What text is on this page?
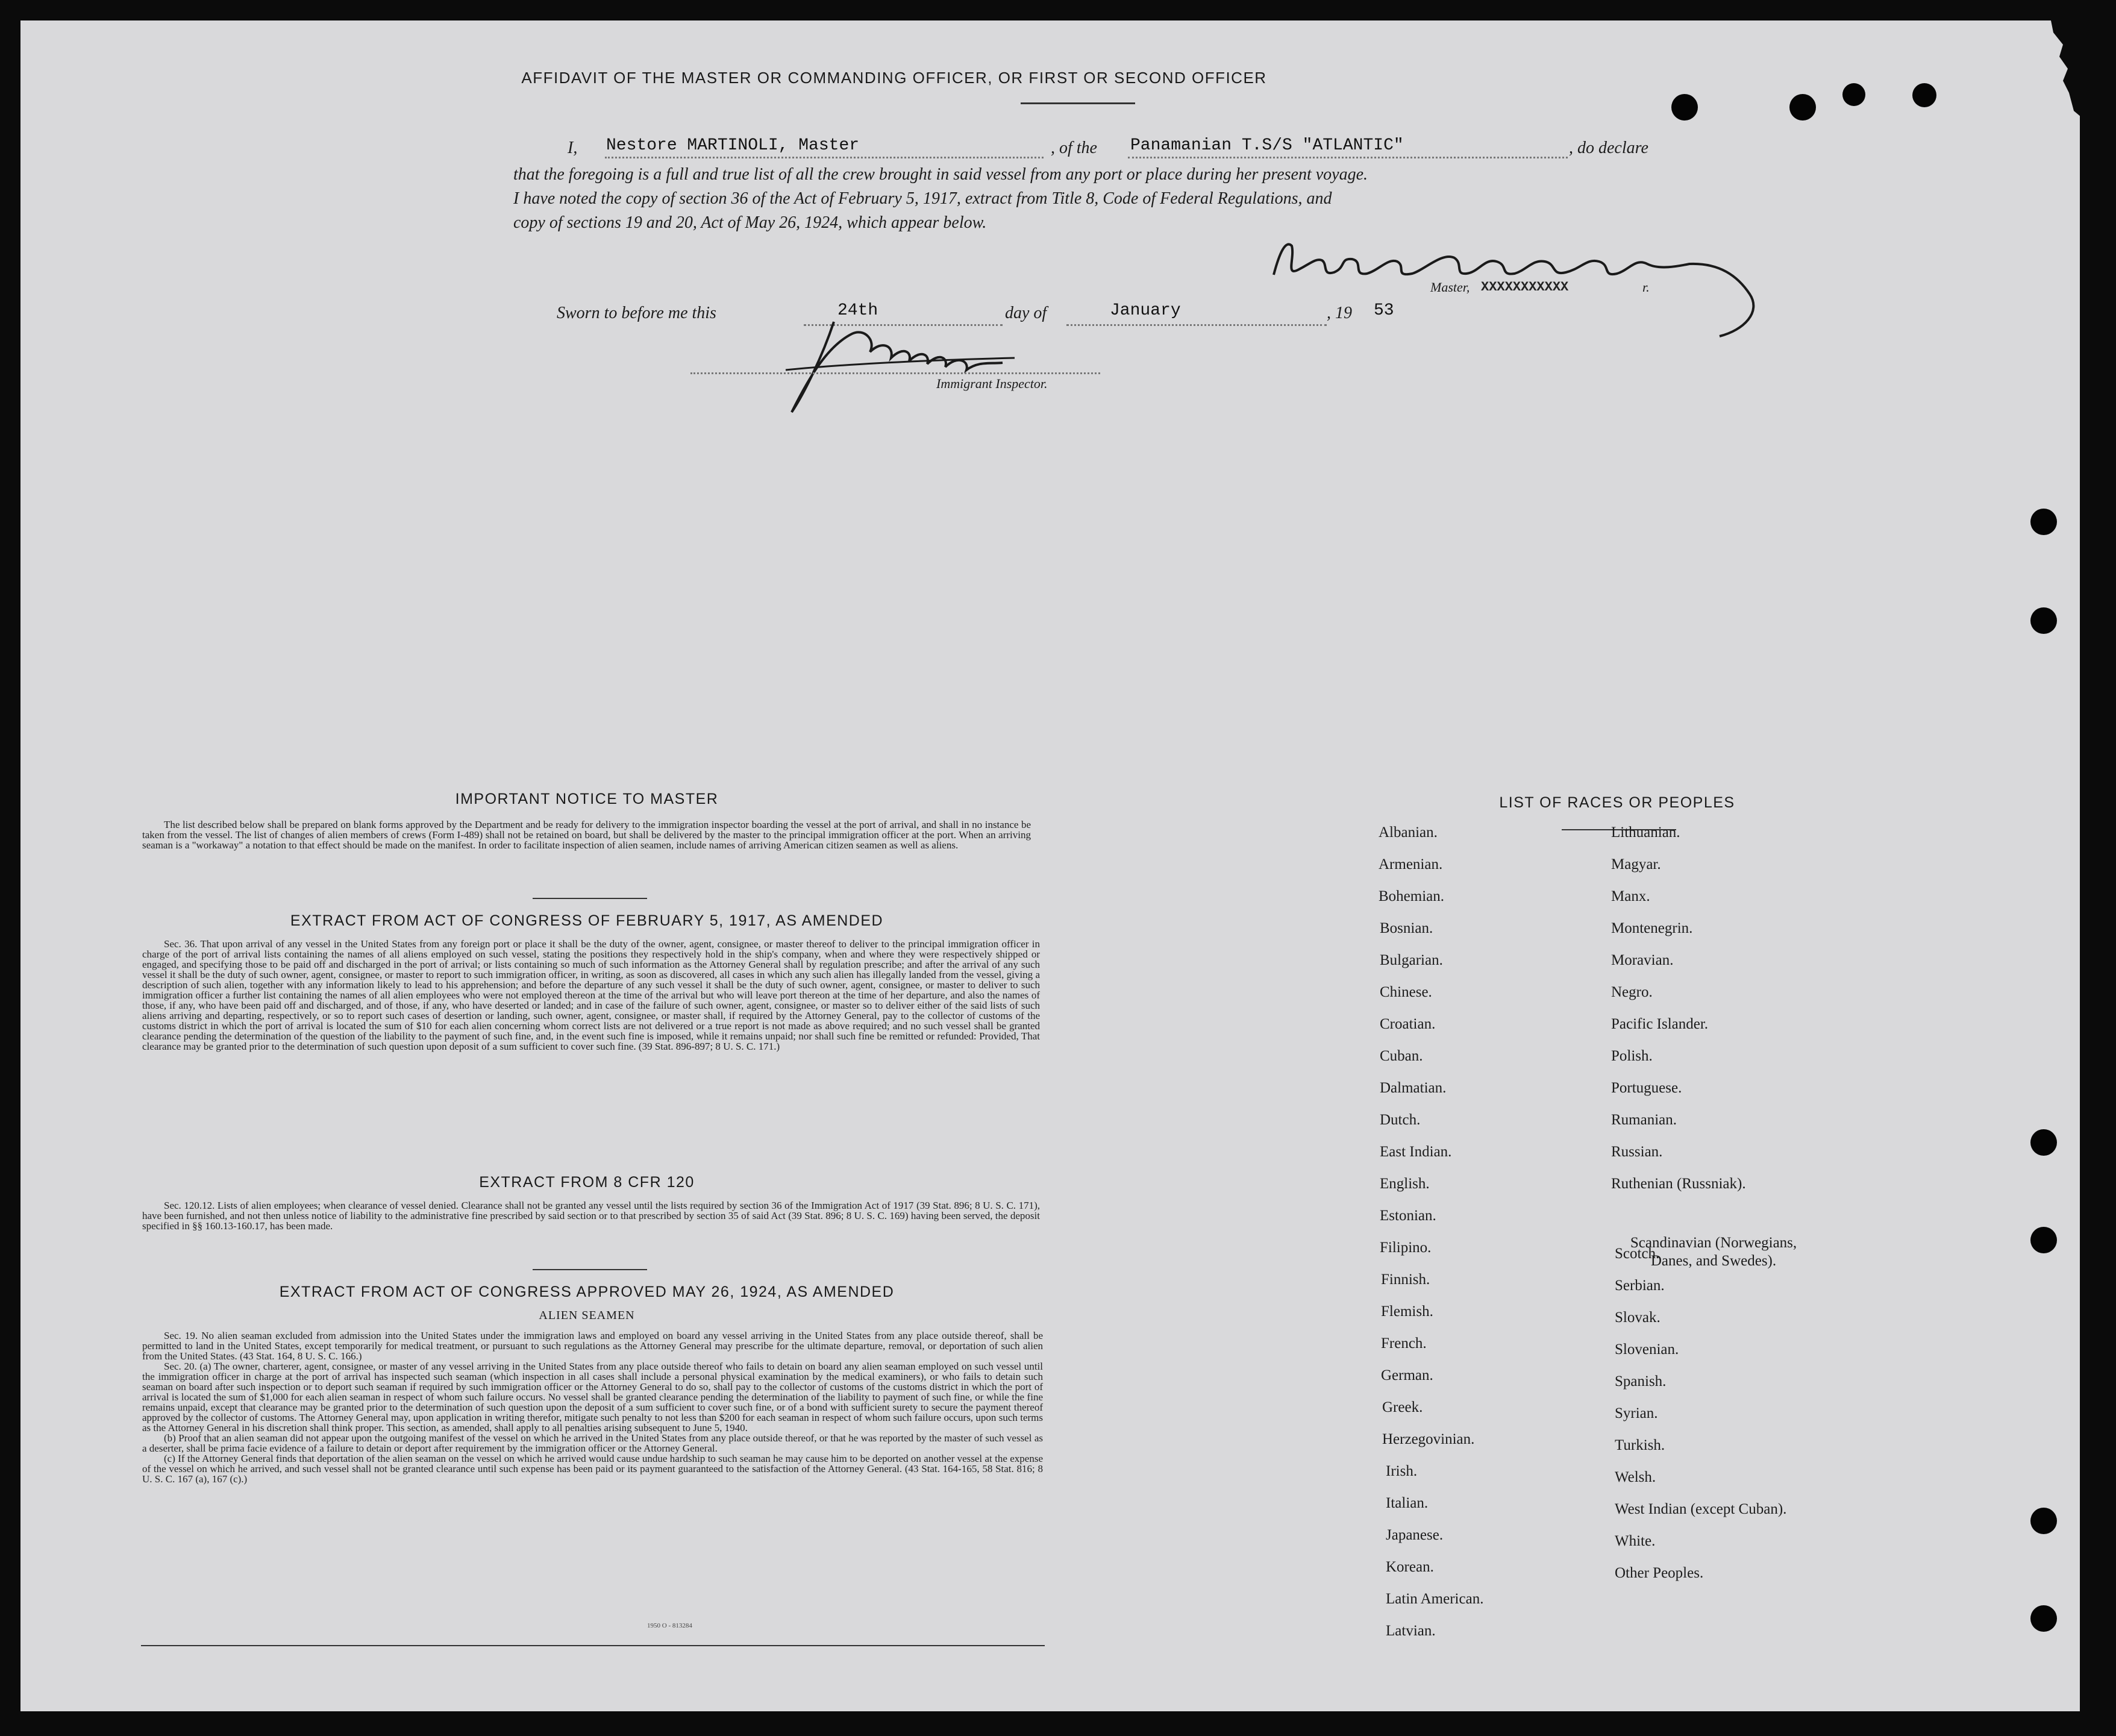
AFFIDAVIT OF THE MASTER OR COMMANDING OFFICER, OR FIRST OR SECOND OFFICER
I, Nestore MARTINOLI, Master	, of the Panamanian T.S/S "ATLANTIC"	, do declare
that the foregoing is a full and true list of all the crew brought in said vessel from any port or place during her present voyage.
I have noted the copy of section 36 of the Act of February 5, 1917, extract from Title 8, Code of Federal Regulations, and
copy of sections 19 and 20, Act of May 26, 1924, which appear below.
Master, XXXXXXXXXXX	r.
Sworn to before me this	24th	day of	January	, 19 53
Immigrant Inspector.
IMPORTANT NOTICE TO MASTER

The list described below shall be prepared on blank forms approved by the Department and be ready for delivery to the immigration inspector boarding the vessel at the port of arrival, and shall in no instance be taken from the vessel. The list of changes of alien members of crews (Form I-489) shall not be retained on board, but shall be delivered by the master to the principal immigration officer at the port. When an arriving seaman is a "workaway" a notation to that effect should be made on the manifest. In order to facilitate inspection of alien seamen, include names of arriving American citizen seamen as well as aliens.

EXTRACT FROM ACT OF CONGRESS OF FEBRUARY 5, 1917, AS AMENDED

Sec. 36. That upon arrival of any vessel in the United States from any foreign port or place it shall be the duty of the owner, agent, consignee, or master thereof to deliver to the principal immigration officer in charge of the port of arrival lists containing the names of all aliens employed on such vessel, stating the positions they respectively hold in the ship's company, when and where they were respectively shipped or engaged, and specifying those to be paid off and discharged in the port of arrival; or lists containing so much of such information as the Attorney General shall by regulation prescribe; and after the arrival of any such vessel it shall be the duty of such owner, agent, consignee, or master to report to such immigration officer, in writing, as soon as discovered, all cases in which any such alien has illegally landed from the vessel, giving a description of such alien, together with any information likely to lead to his apprehension; and before the departure of any such vessel it shall be the duty of such owner, agent, consignee, or master to deliver to such immigration officer a further list containing the names of all alien employees who were not employed thereon at the time of the arrival but who will leave port thereon at the time of her departure, and also the names of those, if any, who have been paid off and discharged, and of those, if any, who have deserted or landed; and in case of the failure of such owner, agent, consignee, or master so to deliver either of the said lists of such aliens arriving and departing, respectively, or so to report such cases of desertion or landing, such owner, agent, consignee, or master shall, if required by the Attorney General, pay to the collector of customs of the customs district in which the port of arrival is located the sum of $10 for each alien concerning whom correct lists are not delivered or a true report is not made as above required; and no such vessel shall be granted clearance pending the determination of the question of the liability to the payment of such fine, and, in the event such fine is imposed, while it remains unpaid; nor shall such fine be remitted or refunded: Provided, That clearance may be granted prior to the determination of such question upon deposit of a sum sufficient to cover such fine. (39 Stat. 896-897; 8 U. S. C. 171.)

EXTRACT FROM 8 CFR 120

Sec. 120.12. Lists of alien employees; when clearance of vessel denied. Clearance shall not be granted any vessel until the lists required by section 36 of the Immigration Act of 1917 (39 Stat. 896; 8 U. S. C. 171), have been furnished, and not then unless notice of liability to the administrative fine prescribed by said section or to that prescribed by section 35 of said Act (39 Stat. 896; 8 U. S. C. 169) having been served, the deposit specified in §§ 160.13-160.17, has been made.

EXTRACT FROM ACT OF CONGRESS APPROVED MAY 26, 1924, AS AMENDED
ALIEN SEAMEN

Sec. 19. No alien seaman excluded from admission into the United States under the immigration laws and employed on board any vessel arriving in the United States from any place outside thereof, shall be permitted to land in the United States, except temporarily for medical treatment, or pursuant to such regulations as the Attorney General may prescribe for the ultimate departure, removal, or deportation of such alien from the United States. (43 Stat. 164, 8 U. S. C. 166.)

Sec. 20. (a) The owner, charterer, agent, consignee, or master of any vessel arriving in the United States from any place outside thereof who fails to detain on board any alien seaman employed on such vessel until the immigration officer in charge at the port of arrival has inspected such seaman (which inspection in all cases shall include a personal physical examination by the medical examiners), or who fails to detain such seaman on board after such inspection or to deport such seaman if required by such immigration officer or the Attorney General to do so, shall pay to the collector of customs of the customs district in which the port of arrival is located the sum of $1,000 for each alien seaman in respect of whom such failure occurs. No vessel shall be granted clearance pending the determination of the liability to payment of such fine, or while the fine remains unpaid, except that clearance may be granted prior to the determination of such question upon the deposit of a sum sufficient to cover such fine, or of a bond with sufficient surety to secure the payment thereof approved by the collector of customs. The Attorney General may, upon application in writing therefor, mitigate such penalty to not less than $200 for each seaman in respect of whom such failure occurs, upon such terms as the Attorney General in his discretion shall think proper. This section, as amended, shall apply to all penalties arising subsequent to June 5, 1940.

(b) Proof that an alien seaman did not appear upon the outgoing manifest of the vessel on which he arrived in the United States from any place outside thereof, or that he was reported by the master of such vessel as a deserter, shall be prima facie evidence of a failure to detain or deport after requirement by the immigration officer or the Attorney General.

(c) If the Attorney General finds that deportation of the alien seaman on the vessel on which he arrived would cause undue hardship to such seaman he may cause him to be deported on another vessel at the expense of the vessel on which he arrived, and such vessel shall not be granted clearance until such expense has been paid or its payment guaranteed to the satisfaction of the Attorney General. (43 Stat. 164-165, 58 Stat. 816; 8 U. S. C. 167 (a), 167 (c).)

1950 O - 813284
LIST OF RACES OR PEOPLES
Albanian.
Armenian.
Bohemian.
Bosnian.
Bulgarian.
Chinese.
Croatian.
Cuban.
Dalmatian.
Dutch.
East Indian.
English.
Estonian.
Filipino.
Finnish.
Flemish.
French.
German.
Greek.
Herzegovinian.
Irish.
Italian.
Japanese.
Korean.
Latin American.
Latvian.
Lithuanian.
Magyar.
Manx.
Montenegrin.
Moravian.
Negro.
Pacific Islander.
Polish.
Portuguese.
Rumanian.
Russian.
Ruthenian (Russniak).
Scotch.
Serbian.
Slovak.
Slovenian.
Spanish.
Syrian.
Turkish.
Welsh.
West Indian (except Cuban).
White.
Other Peoples.
Scandinavian (Norwegians,
Danes, and Swedes).
